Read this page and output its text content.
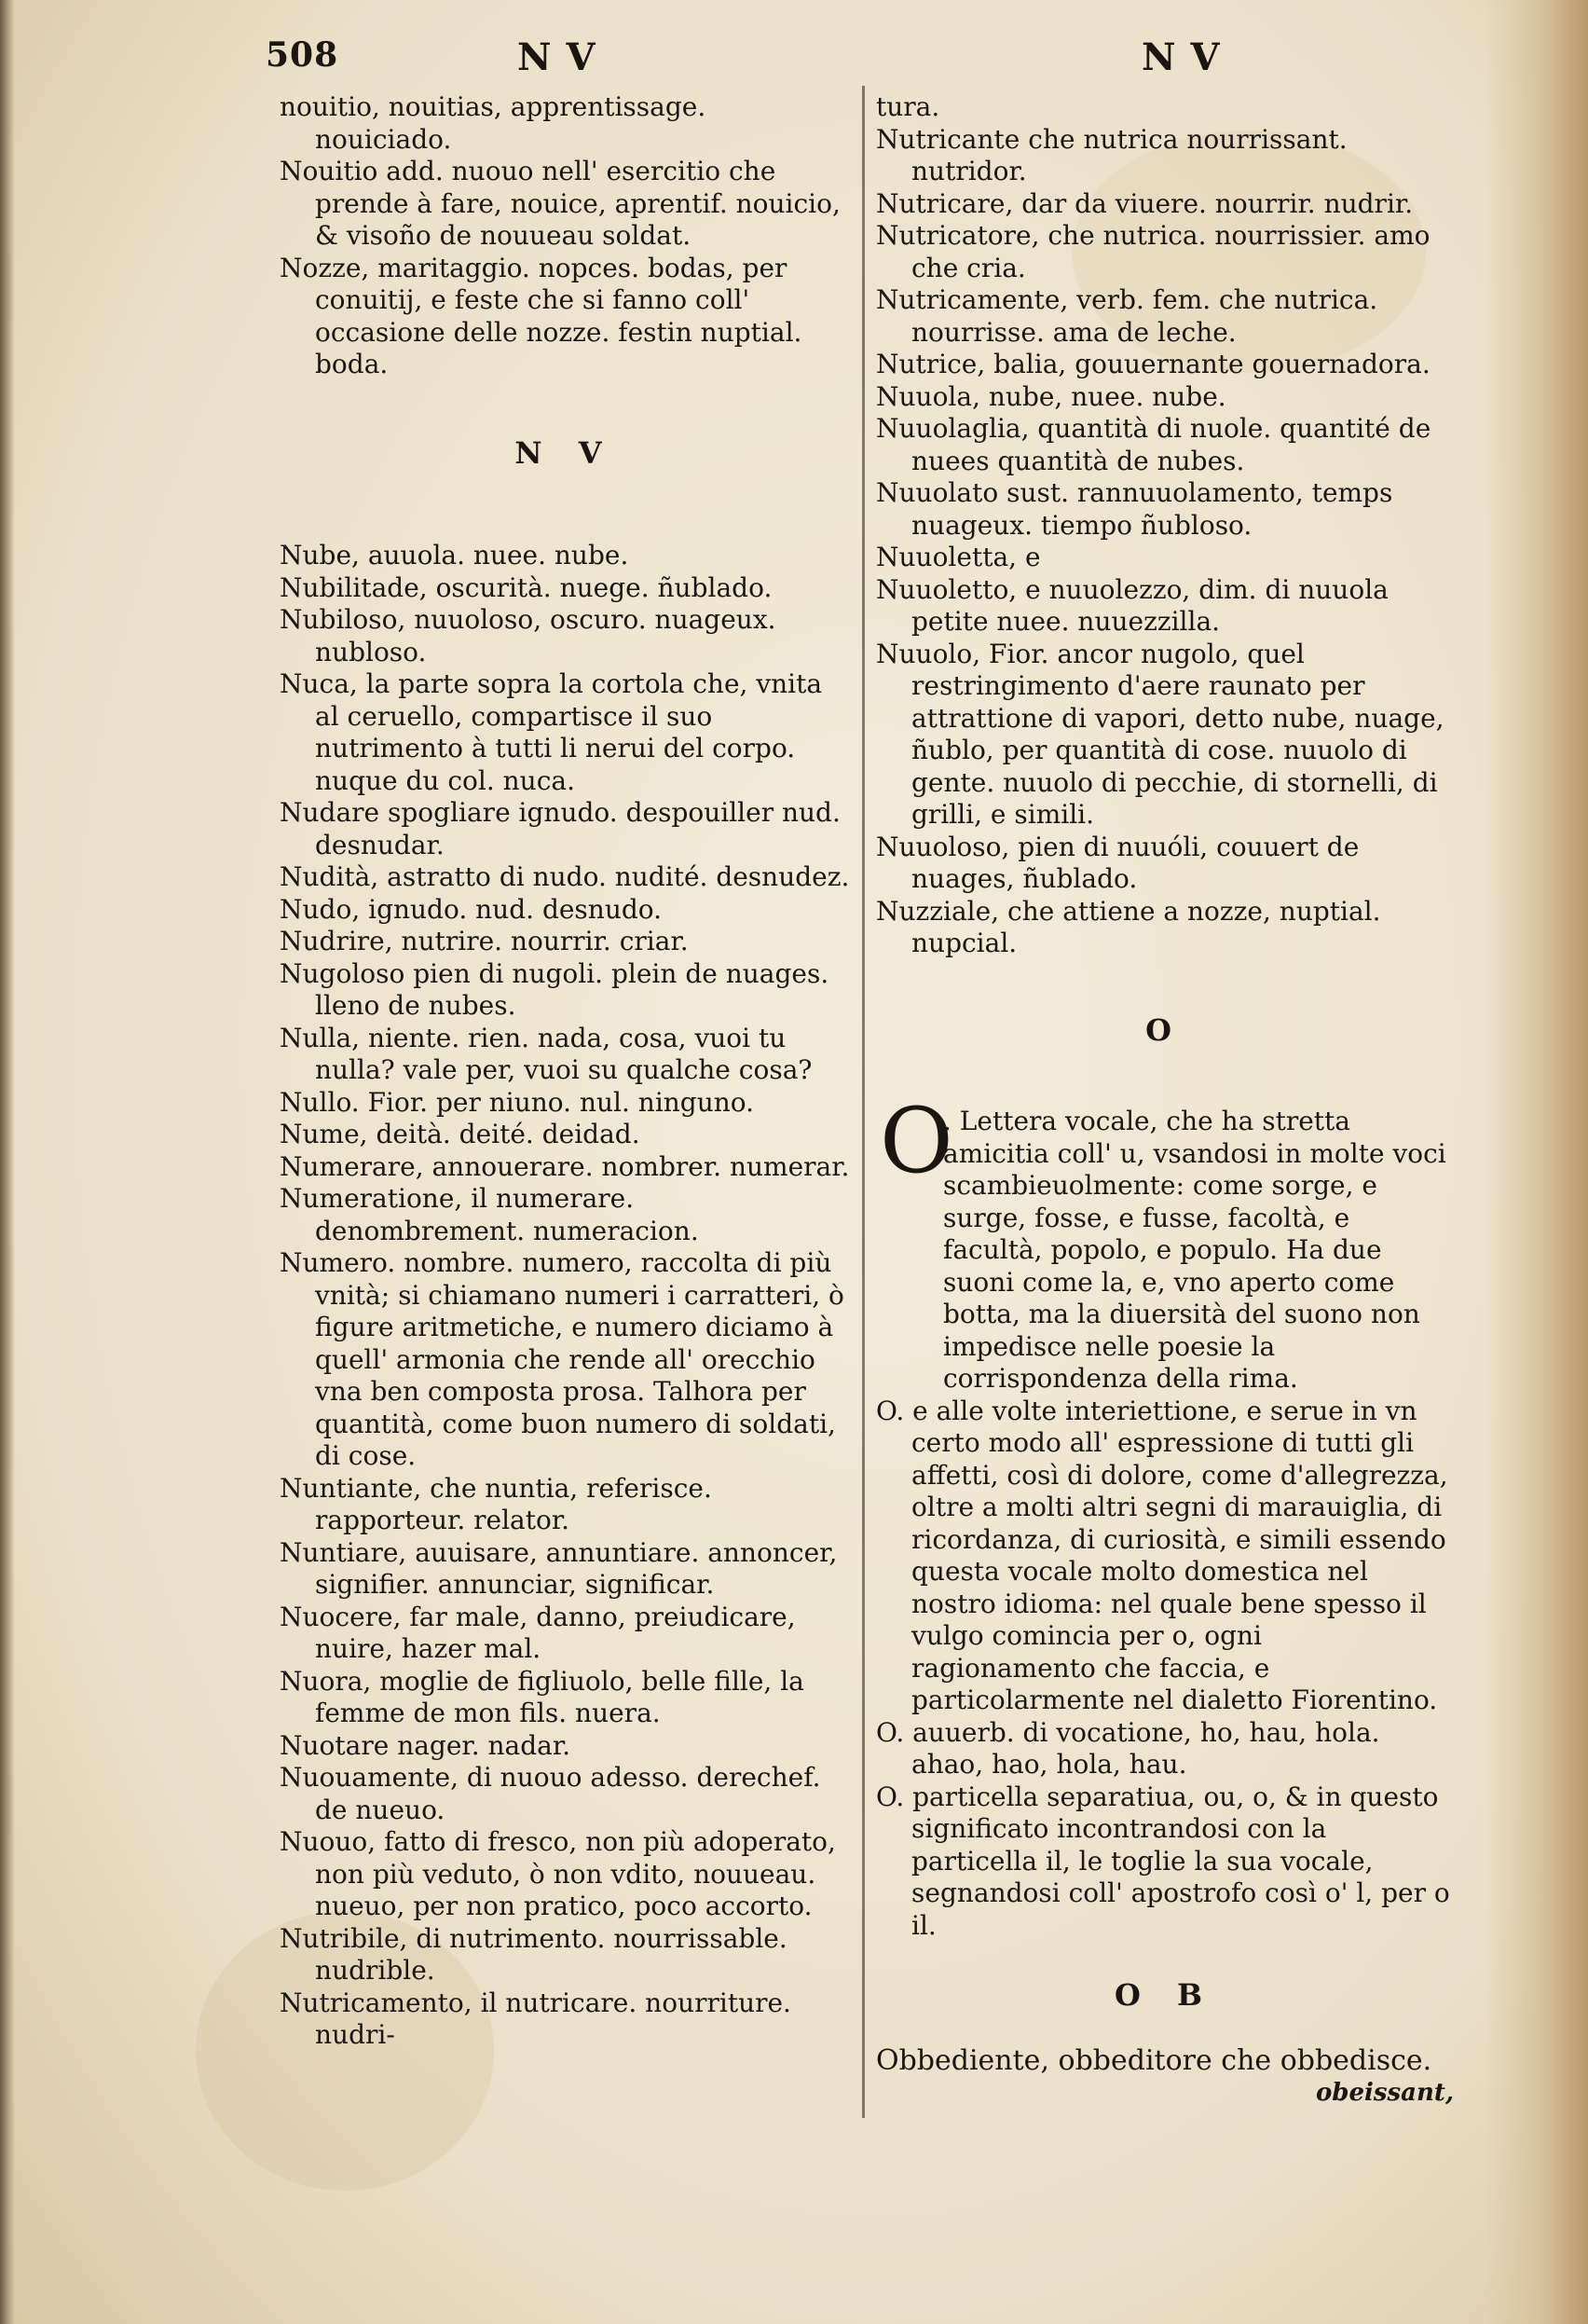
508	N V	N V

nouitio, nouitias, apprentissage. nouiciado.

Nouitio add. nuouo nell' esercitio che prende à fare, nouice, aprentif. nouicio, & visoño de nouueau soldat.

Nozze, maritaggio. nopces. bodas, per conuitij, e feste che si fanno coll' occasione delle nozze. festin nuptial. boda.

N V

Nube, auuola. nuee. nube.

Nubilitade, oscurità. nuege. ñublado.

Nubiloso, nuuoloso, oscuro. nuageux. nubloso.

Nuca, la parte sopra la cortola che, vnita al ceruello, compartisce il suo nutrimento à tutti li nerui del corpo. nuque du col. nuca.

Nudare spogliare ignudo. despouiller nud. desnudar.

Nudità, astratto di nudo. nudité. desnudez.

Nudo, ignudo. nud. desnudo.

Nudrire, nutrire. nourrir. criar.

Nugoloso pien di nugoli. plein de nuages. lleno de nubes.

Nulla, niente. rien. nada, cosa, vuoi tu nulla? vale per, vuoi su qualche cosa?

Nullo. Fior. per niuno. nul. ninguno.

Nume, deità. deité. deidad.

Numerare, annouerare. nombrer. numerar.

Numeratione, il numerare. denombrement. numeracion.

Numero. nombre. numero, raccolta di più vnità; si chiamano numeri i carratteri, ò figure aritmetiche, e numero diciamo à quell' armonia che rende all' orecchio vna ben composta prosa. Talhora per quantità, come buon numero di soldati, di cose.

Nuntiante, che nuntia, referisce. rapporteur. relator.

Nuntiare, auuisare, annuntiare. annoncer, signifier. annunciar, significar.

Nuocere, far male, danno, preiudicare, nuire, hazer mal.

Nuora, moglie de figliuolo, belle fille, la femme de mon fils. nuera.

Nuotare nager. nadar.

Nuouamente, di nuouo adesso. derechef. de nueuo.

Nuouo, fatto di fresco, non più adoperato, non più veduto, ò non vdito, nouueau. nueuo, per non pratico, poco accorto.

Nutribile, di nutrimento. nourrissable. nudrible.

Nutricamento, il nutricare. nourriture. nudri-

tura.

Nutricante che nutrica nourrissant. nutridor.

Nutricare, dar da viuere. nourrir. nudrir.

Nutricatore, che nutrica. nourrissier. amo che cria.

Nutricamente, verb. fem. che nutrica. nourrisse. ama de leche.

Nutrice, balia, gouuernante gouernadora.

Nuuola, nube, nuee. nube.

Nuuolaglia, quantità di nuole. quantité de nuees quantità de nubes.

Nuuolato sust. rannuuolamento, temps nuageux. tiempo ñubloso.

Nuuoletta, e

Nuuoletto, e nuuolezzo, dim. di nuuola petite nuee. nuuezzilla.

Nuuolo, Fior. ancor nugolo, quel restringimento d'aere raunato per attrattione di vapori, detto nube, nuage, ñublo, per quantità di cose. nuuolo di gente. nuuolo di pecchie, di stornelli, di grilli, e simili.

Nuuoloso, pien di nuuóli, couuert de nuages, ñublado.

Nuzziale, che attiene a nozze, nuptial. nupcial.

O

O
. Lettera vocale, che ha stretta amicitia coll' u, vsandosi in molte voci scambieuolmente: come sorge, e surge, fosse, e fusse, facoltà, e facultà, popolo, e populo. Ha due suoni come la, e, vno aperto come botta, ma la diuersità del suono non impedisce nelle poesie la corrispondenza della rima.

O. e alle volte interiettione, e serue in vn certo modo all' espressione di tutti gli affetti, così di dolore, come d'allegrezza, oltre a molti altri segni di marauiglia, di ricordanza, di curiosità, e simili essendo questa vocale molto domestica nel nostro idioma: nel quale bene spesso il vulgo comincia per o, ogni ragionamento che faccia, e particolarmente nel dialetto Fiorentino.

O. auuerb. di vocatione, ho, hau, hola. ahao, hao, hola, hau.

O. particella separatiua, ou, o, & in questo significato incontrandosi con la particella il, le toglie la sua vocale, segnandosi coll' apostrofo così o' l, per o il.

O B

Obbediente, obbeditore che obbedisce.

obeissant,
